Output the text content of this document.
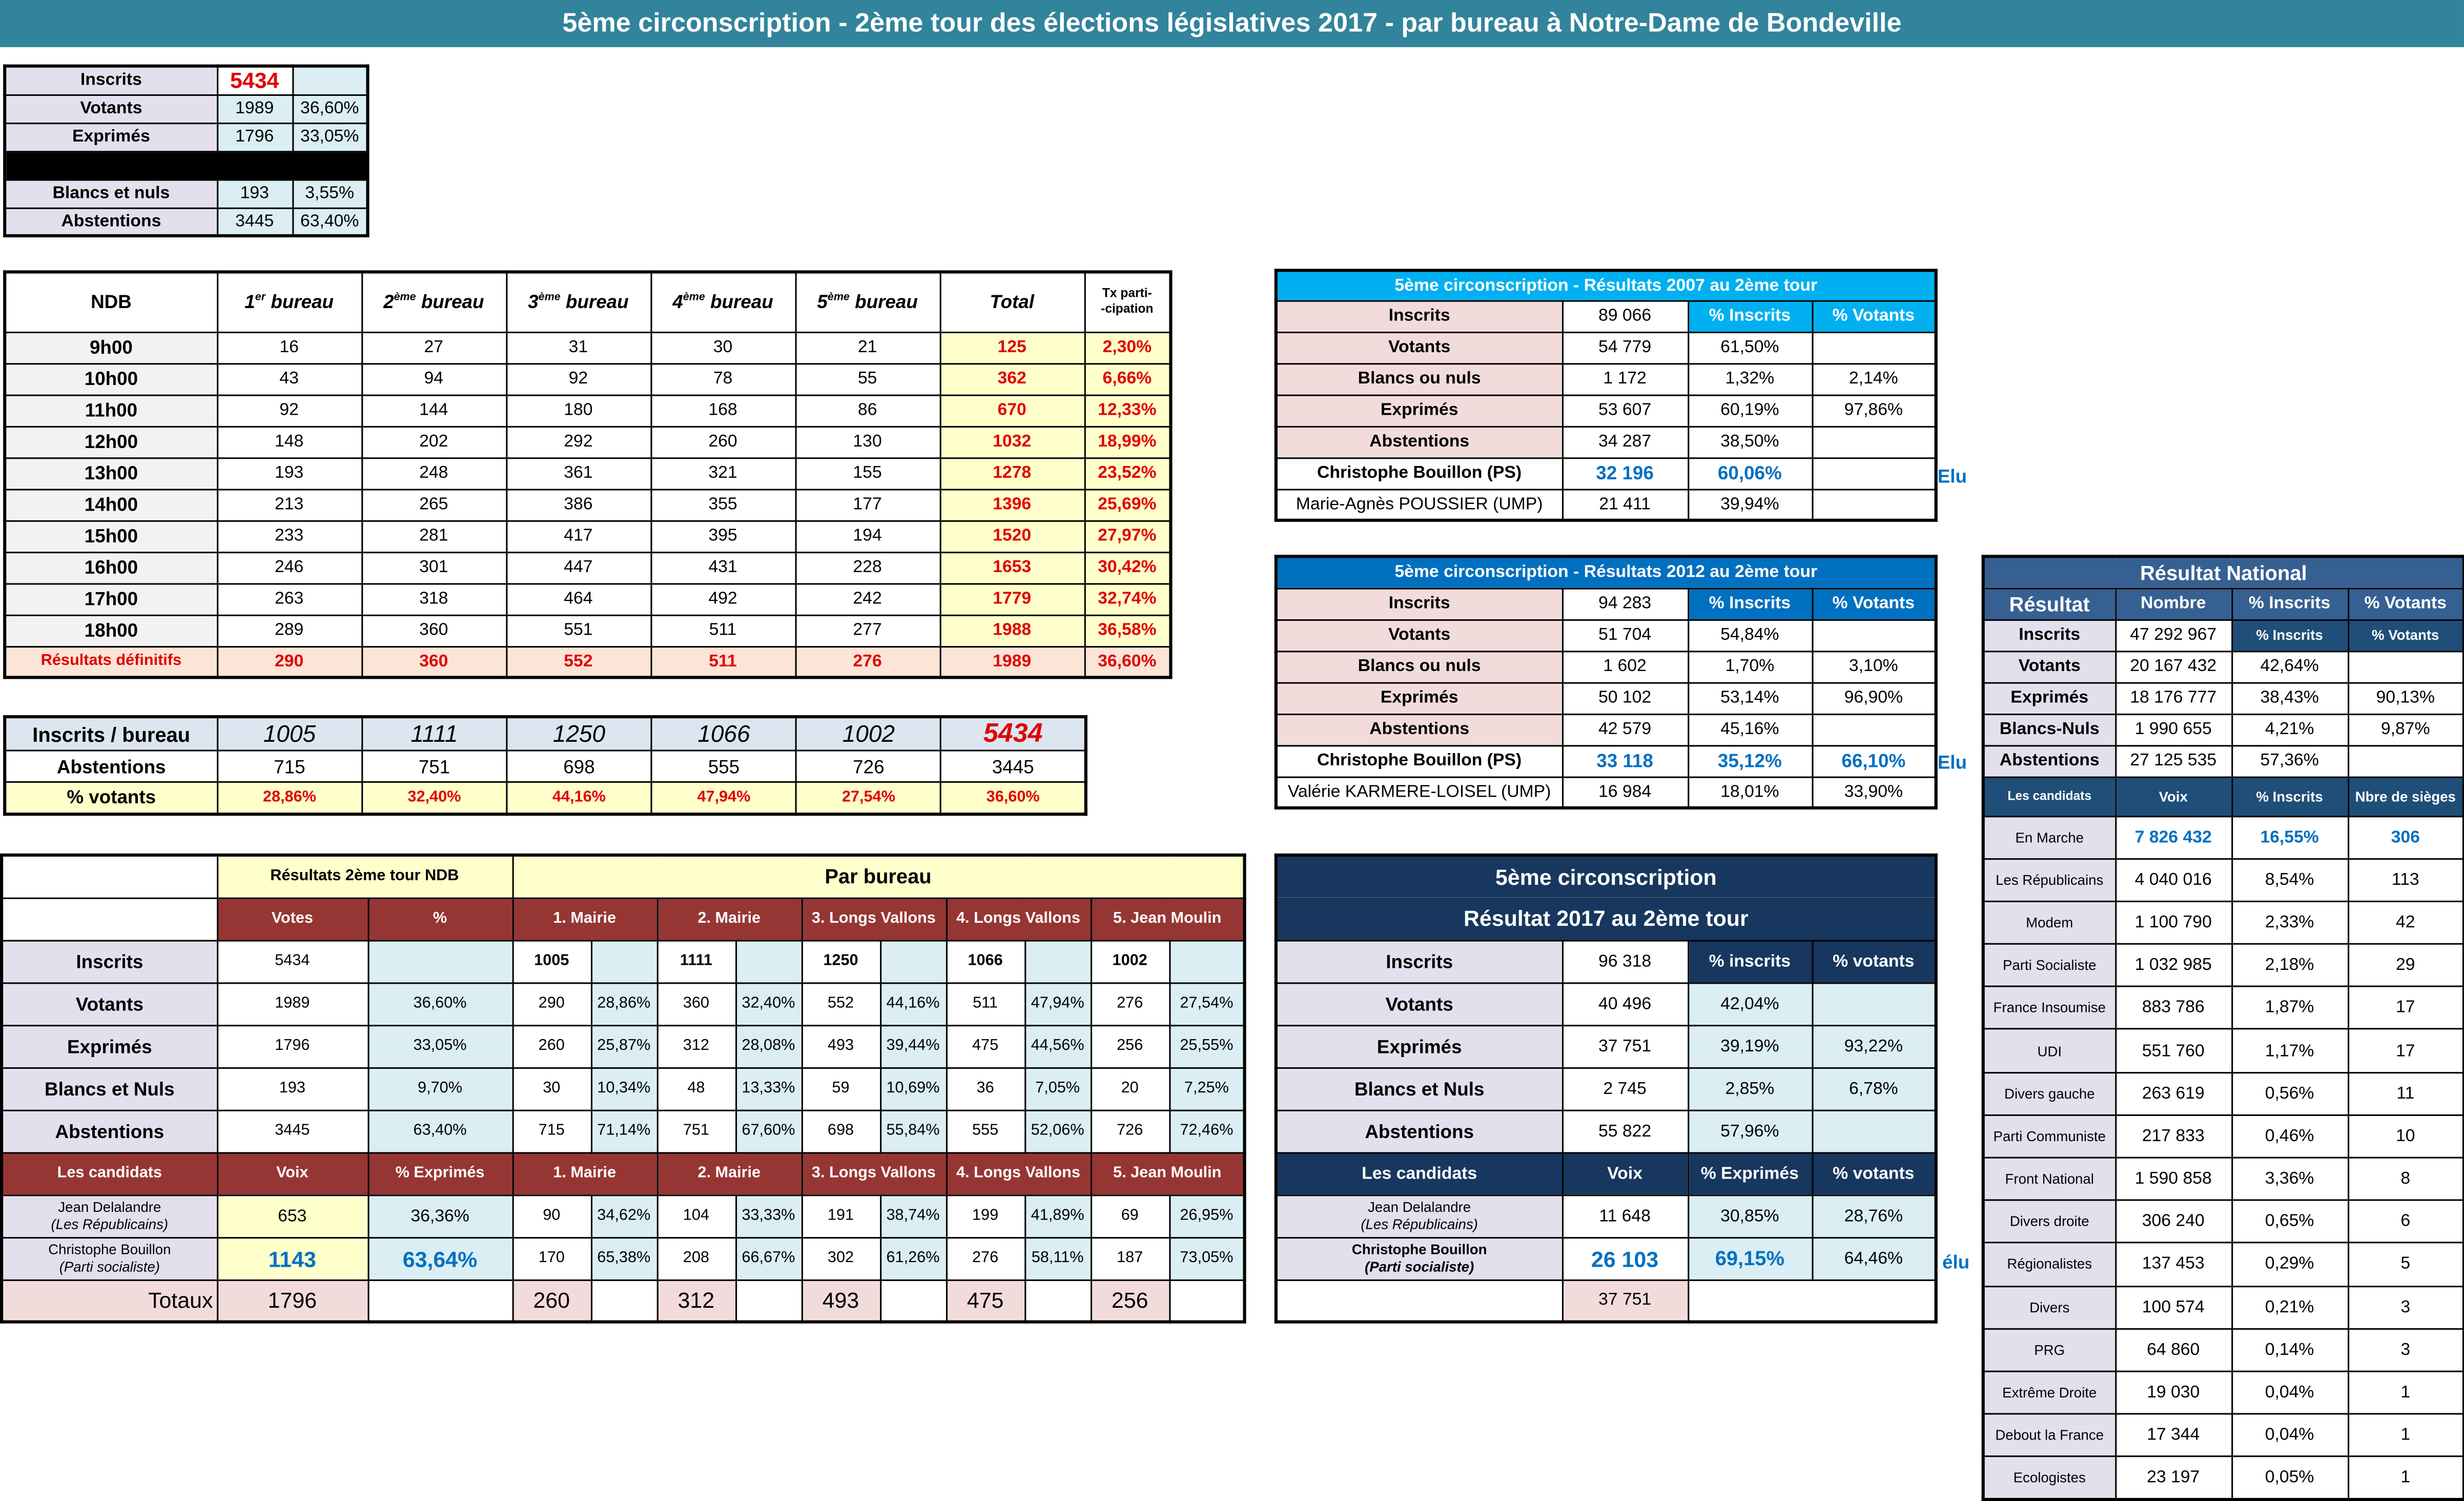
5ème circonscription - 2ème tour des élections législatives 2017 - par bureau à Notre-Dame de Bondeville
Inscrits	5434	
Votants	1989	36,60%
Exprimés	1796	33,05%

Blancs et nuls	193	3,55%
Abstentions	3445	63,40%
NDB	1er bureau	2ème bureau	3ème bureau	4ème bureau	5ème bureau	Total	Tx parti-
-cipation
9h00	16	27	31	30	21	125	2,30%
10h00	43	94	92	78	55	362	6,66%
11h00	92	144	180	168	86	670	12,33%
12h00	148	202	292	260	130	1032	18,99%
13h00	193	248	361	321	155	1278	23,52%
14h00	213	265	386	355	177	1396	25,69%
15h00	233	281	417	395	194	1520	27,97%
16h00	246	301	447	431	228	1653	30,42%
17h00	263	318	464	492	242	1779	32,74%
18h00	289	360	551	511	277	1988	36,58%
Résultats définitifs	290	360	552	511	276	1989	36,60%
Inscrits / bureau	1005	1111	1250	1066	1002	5434
Abstentions	715	751	698	555	726	3445
% votants	28,86%	32,40%	44,16%	47,94%	27,54%	36,60%
5ème circonscription - Résultats 2007 au 2ème tour			
Inscrits	89 066	% Inscrits	% Votants
Votants	54 779	61,50%	
Blancs ou nuls	1 172	1,32%	2,14%
Exprimés	53 607	60,19%	97,86%
Abstentions	34 287	38,50%	
Christophe Bouillon (PS)	32 196	60,06%	
Marie-Agnès POUSSIER (UMP)	21 411	39,94%	
Elu
5ème circonscription - Résultats 2012 au 2ème tour			
Inscrits	94 283	% Inscrits	% Votants
Votants	51 704	54,84%	
Blancs ou nuls	1 602	1,70%	3,10%
Exprimés	50 102	53,14%	96,90%
Abstentions	42 579	45,16%	
Christophe Bouillon (PS)	33 118	35,12%	66,10%
Valérie KARMERE-LOISEL (UMP)	16 984	18,01%	33,90%
Elu
	Résultats 2ème tour NDB		Par bureau									
	Votes	%	1. Mairie		2. Mairie		3. Longs Vallons		4. Longs Vallons		5. Jean Moulin	
Inscrits	5434		1005		1111		1250		1066		1002	
Votants	1989	36,60%	290	28,86%	360	32,40%	552	44,16%	511	47,94%	276	27,54%
Exprimés	1796	33,05%	260	25,87%	312	28,08%	493	39,44%	475	44,56%	256	25,55%
Blancs et Nuls	193	9,70%	30	10,34%	48	13,33%	59	10,69%	36	7,05%	20	7,25%
Abstentions	3445	63,40%	715	71,14%	751	67,60%	698	55,84%	555	52,06%	726	72,46%
Les candidats	Voix	% Exprimés	1. Mairie		2. Mairie		3. Longs Vallons		4. Longs Vallons		5. Jean Moulin	
Jean Delalandre
(Les Républicains)	653	36,36%	90	34,62%	104	33,33%	191	38,74%	199	41,89%	69	26,95%
Christophe Bouillon
(Parti socialiste)	1143	63,64%	170	65,38%	208	66,67%	302	61,26%	276	58,11%	187	73,05%
Totaux	1796		260		312		493		475		256	
5ème circonscription			
Résultat 2017 au 2ème tour			
Inscrits	96 318	% inscrits	% votants
Votants	40 496	42,04%	
Exprimés	37 751	39,19%	93,22%
Blancs et Nuls	2 745	2,85%	6,78%
Abstentions	55 822	57,96%	
Les candidats	Voix	% Exprimés	% votants
Jean Delalandre
(Les Républicains)	11 648	30,85%	28,76%
Christophe Bouillon
(Parti socialiste)	26 103	69,15%	64,46%
	37 751		
élu
Résultat National			
Résultat	Nombre	% Inscrits	% Votants
Inscrits	47 292 967	% Inscrits	% Votants
Votants	20 167 432	42,64%	
Exprimés	18 176 777	38,43%	90,13%
Blancs-Nuls	1 990 655	4,21%	9,87%
Abstentions	27 125 535	57,36%	
Les candidats	Voix	% Inscrits	Nbre de sièges
En Marche	7 826 432	16,55%	306
Les Républicains	4 040 016	8,54%	113
Modem	1 100 790	2,33%	42
Parti Socialiste	1 032 985	2,18%	29
France Insoumise	883 786	1,87%	17
UDI	551 760	1,17%	17
Divers gauche	263 619	0,56%	11
Parti Communiste	217 833	0,46%	10
Front National	1 590 858	3,36%	8
Divers droite	306 240	0,65%	6
Régionalistes	137 453	0,29%	5
Divers	100 574	0,21%	3
PRG	64 860	0,14%	3
Extrême Droite	19 030	0,04%	1
Debout la France	17 344	0,04%	1
Ecologistes	23 197	0,05%	1
